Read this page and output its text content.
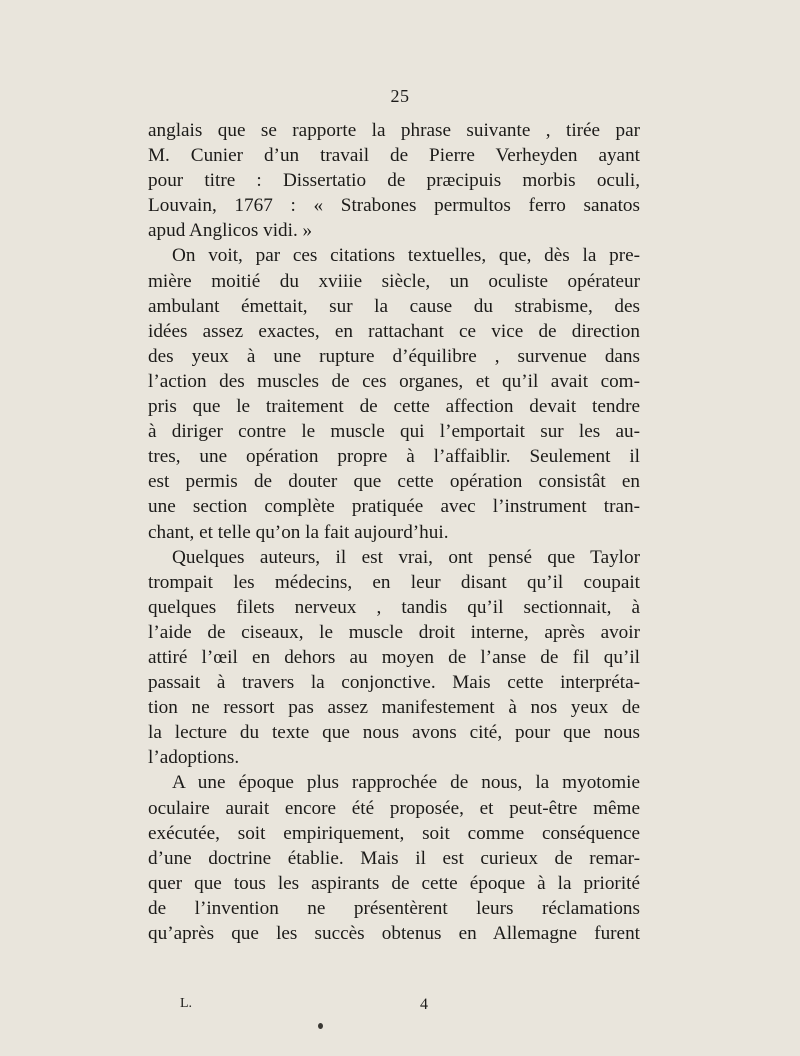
25
anglais que se rapporte la phrase suivante , tirée par
M. Cunier d’un travail de Pierre Verheyden ayant
pour titre : Dissertatio de præcipuis morbis oculi,
Louvain, 1767 : « Strabones permultos ferro sanatos
apud Anglicos vidi. »
On voit, par ces citations textuelles, que, dès la pre-
mière moitié du xviiie siècle, un oculiste opérateur
ambulant émettait, sur la cause du strabisme, des
idées assez exactes, en rattachant ce vice de direction
des yeux à une rupture d’équilibre , survenue dans
l’action des muscles de ces organes, et qu’il avait com-
pris que le traitement de cette affection devait tendre
à diriger contre le muscle qui l’emportait sur les au-
tres, une opération propre à l’affaiblir. Seulement il
est permis de douter que cette opération consistât en
une section complète pratiquée avec l’instrument tran-
chant, et telle qu’on la fait aujourd’hui.
Quelques auteurs, il est vrai, ont pensé que Taylor
trompait les médecins, en leur disant qu’il coupait
quelques filets nerveux , tandis qu’il sectionnait, à
l’aide de ciseaux, le muscle droit interne, après avoir
attiré l’œil en dehors au moyen de l’anse de fil qu’il
passait à travers la conjonctive. Mais cette interpréta-
tion ne ressort pas assez manifestement à nos yeux de
la lecture du texte que nous avons cité, pour que nous
l’adoptions.
A une époque plus rapprochée de nous, la myotomie
oculaire aurait encore été proposée, et peut-être même
exécutée, soit empiriquement, soit comme conséquence
d’une doctrine établie. Mais il est curieux de remar-
quer que tous les aspirants de cette époque à la priorité
de l’invention ne présentèrent leurs réclamations
qu’après que les succès obtenus en Allemagne furent
L.	4
